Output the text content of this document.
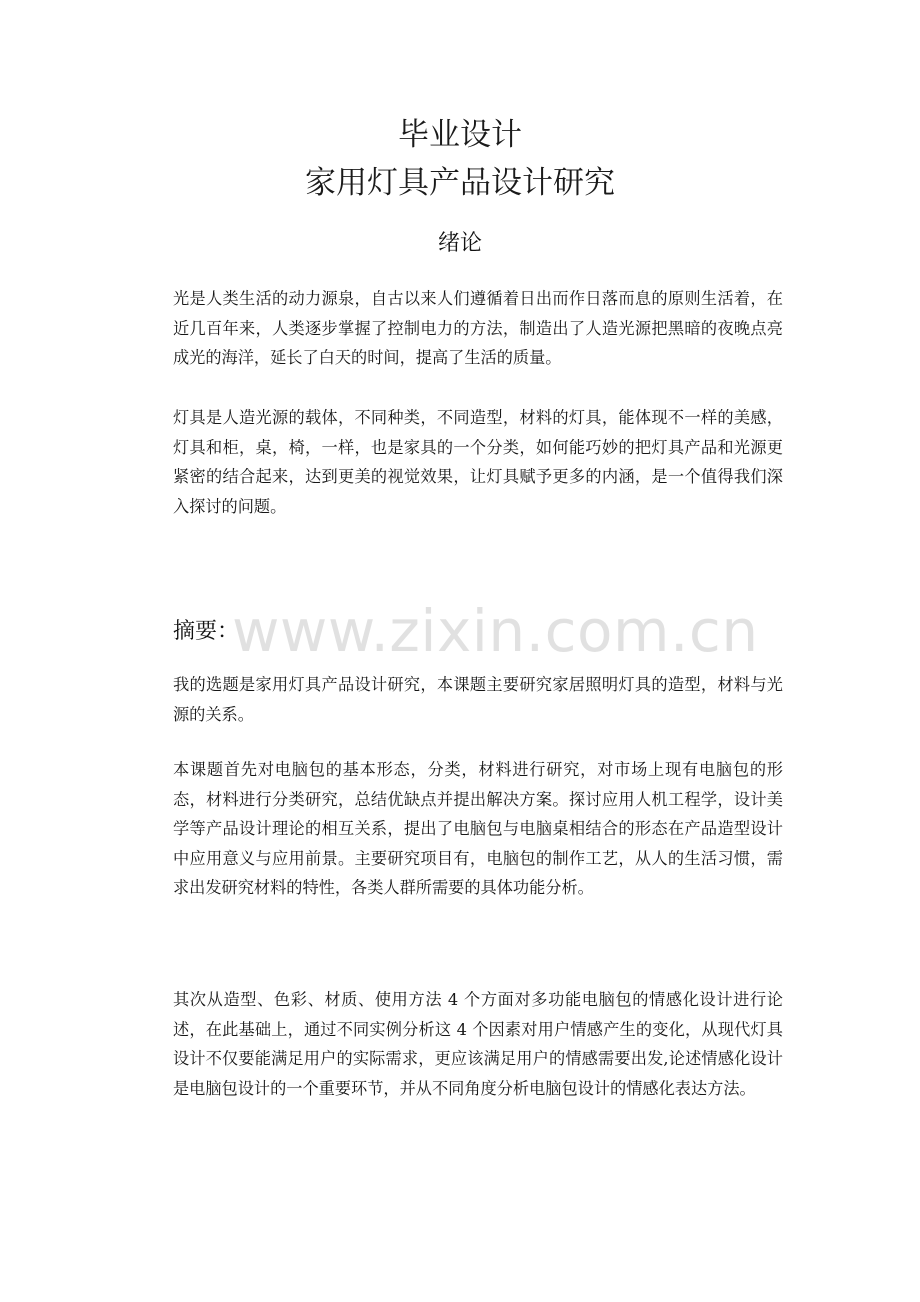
毕业设计
家用灯具产品设计研究
绪论

光是人类生活的动力源泉，自古以来人们遵循着日出而作日落而息的原则生活着，在近几百年来，人类逐步掌握了控制电力的方法，制造出了人造光源把黑暗的夜晚点亮成光的海洋，延长了白天的时间，提高了生活的质量。

灯具是人造光源的载体，不同种类，不同造型，材料的灯具，能体现不一样的美感，灯具和柜，桌，椅，一样，也是家具的一个分类，如何能巧妙的把灯具产品和光源更紧密的结合起来，达到更美的视觉效果，让灯具赋予更多的内涵，是一个值得我们深入探讨的问题。

摘要：
www.zixin.com.cn

我的选题是家用灯具产品设计研究，本课题主要研究家居照明灯具的造型，材料与光源的关系。

本课题首先对电脑包的基本形态，分类，材料进行研究，对市场上现有电脑包的形态，材料进行分类研究，总结优缺点并提出解决方案。探讨应用人机工程学，设计美学等产品设计理论的相互关系，提出了电脑包与电脑桌相结合的形态在产品造型设计中应用意义与应用前景。主要研究项目有，电脑包的制作工艺，从人的生活习惯，需求出发研究材料的特性，各类人群所需要的具体功能分析。

其次从造型、色彩、材质、使用方法 4 个方面对多功能电脑包的情感化设计进行论述，在此基础上，通过不同实例分析这 4 个因素对用户情感产生的变化，从现代灯具设计不仅要能满足用户的实际需求，更应该满足用户的情感需要出发,论述情感化设计是电脑包设计的一个重要环节，并从不同角度分析电脑包设计的情感化表达方法。
